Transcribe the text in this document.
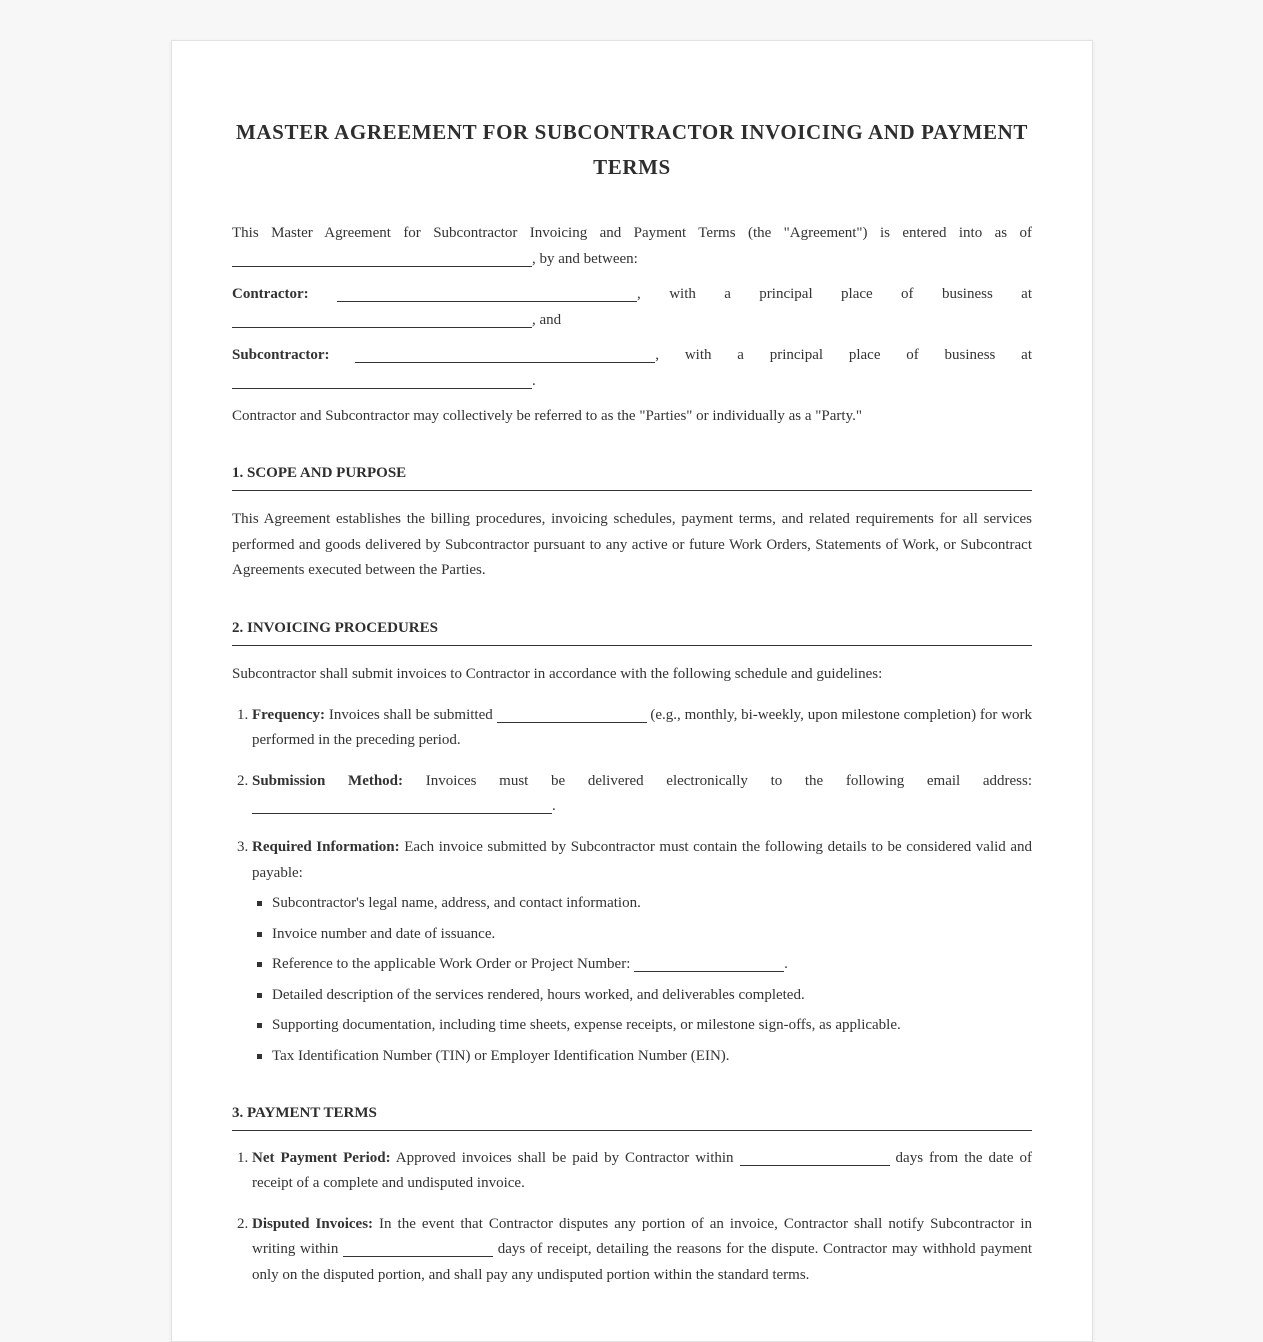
MASTER AGREEMENT FOR SUBCONTRACTOR INVOICING AND PAYMENT TERMS

This Master Agreement for Subcontractor Invoicing and Payment Terms (the "Agreement") is entered into as of , by and between:

Contractor:	, with a principal place of business at
, and

Subcontractor:	, with a principal place of business at
.

Contractor and Subcontractor may collectively be referred to as the "Parties" or individually as a "Party."

1. SCOPE AND PURPOSE

This Agreement establishes the billing procedures, invoicing schedules, payment terms, and related requirements for all services performed and goods delivered by Subcontractor pursuant to any active or future Work Orders, Statements of Work, or Subcontract Agreements executed between the Parties.

2. INVOICING PROCEDURES

Subcontractor shall submit invoices to Contractor in accordance with the following schedule and guidelines:

1. Frequency: Invoices shall be submitted	(e.g., monthly, bi-weekly, upon milestone completion) for work performed in the preceding period.
2. Submission Method: Invoices must be delivered electronically to the following email address:
.
3. Required Information: Each invoice submitted by Subcontractor must contain the following details to be considered valid and payable:
Subcontractor's legal name, address, and contact information.
Invoice number and date of issuance.
Reference to the applicable Work Order or Project Number:	.
Detailed description of the services rendered, hours worked, and deliverables completed.
Supporting documentation, including time sheets, expense receipts, or milestone sign-offs, as applicable.
Tax Identification Number (TIN) or Employer Identification Number (EIN).
3. PAYMENT TERMS
1. Net Payment Period: Approved invoices shall be paid by Contractor within	days from the date of receipt of a complete and undisputed invoice.
2. Disputed Invoices: In the event that Contractor disputes any portion of an invoice, Contractor shall notify Subcontractor in writing within	days of receipt, detailing the reasons for the dispute. Contractor may withhold payment only on the disputed portion, and shall pay any undisputed portion within the standard terms.
